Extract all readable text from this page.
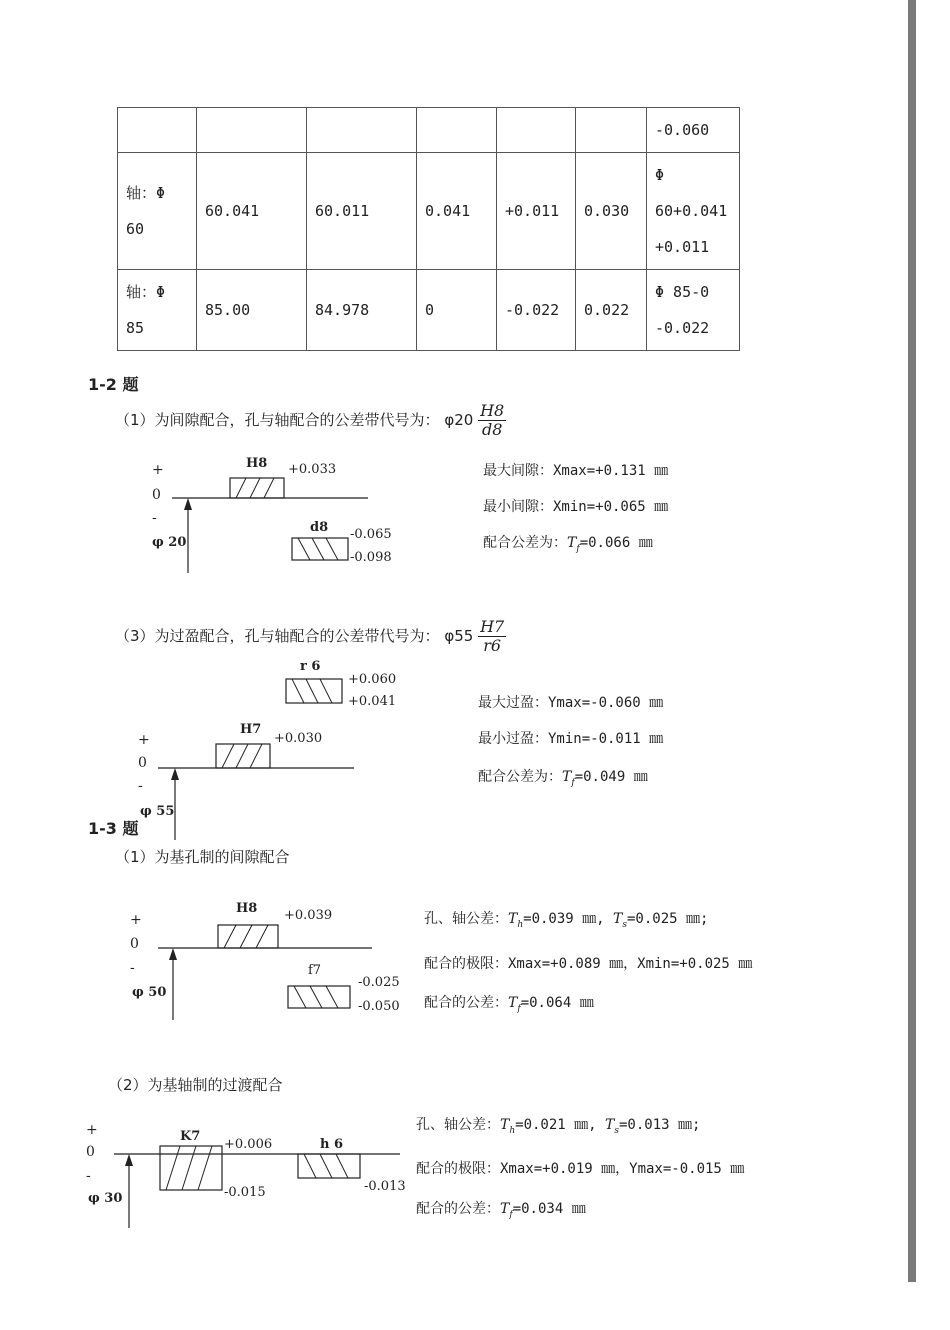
						-0.060
轴：Φ 60	60.041	60.011	0.041	+0.011	0.030	Φ 60+0.041 +0.011
轴：Φ 85	85.00	84.978	0	-0.022	0.022	Φ 85-0 -0.022
1-2 题
（1）为间隙配合，孔与轴配合的公差带代号为： $\varphi 20 \frac{H8}{d8}$
+
0
-
φ 20
H8 +0.033
d8 -0.065
-0.098
最大间隙：Xmax=+0.131 ㎜
最小间隙：Xmin=+0.065 ㎜
配合公差为：$T_f=0.066$ ㎜
（3）为过盈配合，孔与轴配合的公差带代号为： $\varphi 55 \frac{H7}{r6}$
r 6
+0.060
+0.041
+
0
-
φ 55
H7
+0.030
最大过盈：Ymax=-0.060 ㎜
最小过盈：Ymin=-0.011 ㎜
配合公差为：$T_f=0.049$ ㎜
1-3 题
（1）为基孔制的间隙配合
+
0
-
φ 50
H8 +0.039
f7
-0.025
-0.050
孔、轴公差：$T_h=0.039$ ㎜, $T_s=0.025$ ㎜;
配合的极限：Xmax=+0.089 ㎜，Xmin=+0.025 ㎜
配合的公差：$T_f=0.064$ ㎜
（2）为基轴制的过渡配合
+
0
-
φ 30
K7
+0.006
-0.015
h 6
-0.013
孔、轴公差：$T_h=0.021$ ㎜, $T_s=0.013$ ㎜;
配合的极限：Xmax=+0.019 ㎜，Ymax=-0.015 ㎜
配合的公差：$T_f=0.034$ ㎜
